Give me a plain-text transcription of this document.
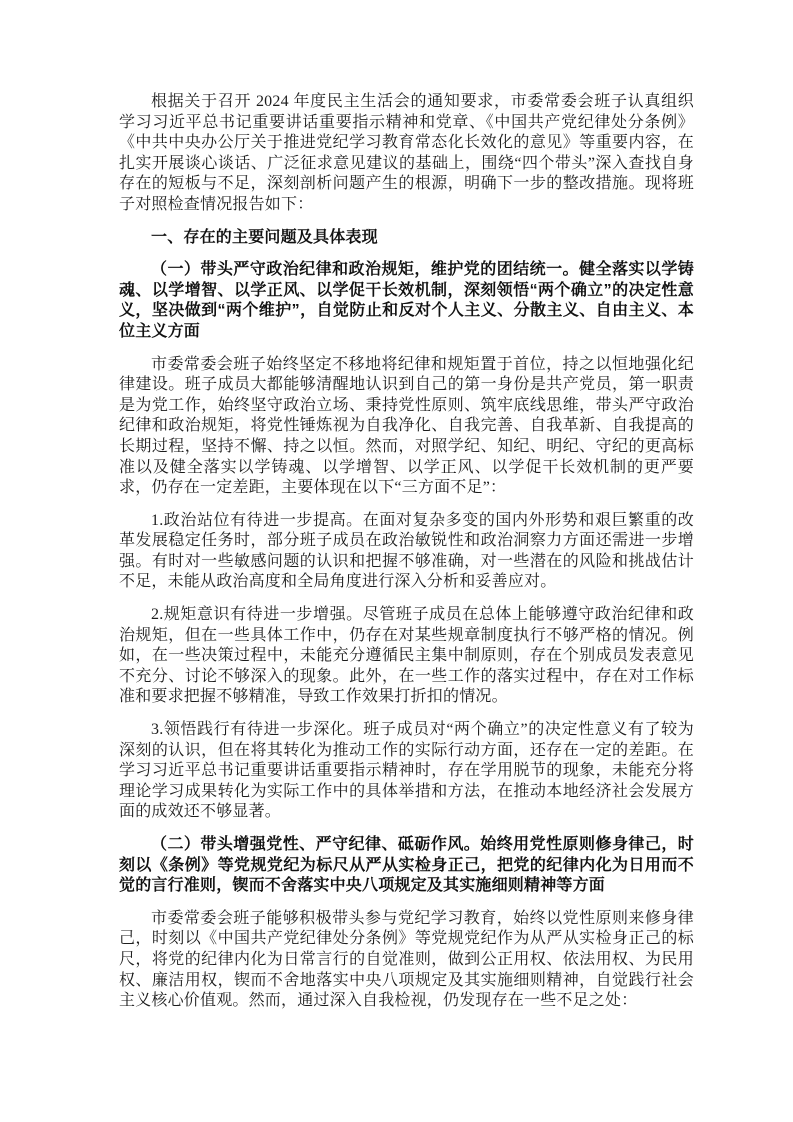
根据关于召开 2024 年度民主生活会的通知要求，市委常委会班子认真组织学习习近平总书记重要讲话重要指示精神和党章、《中国共产党纪律处分条例》《中共中央办公厅关于推进党纪学习教育常态化长效化的意见》等重要内容，在扎实开展谈心谈话、广泛征求意见建议的基础上，围绕“四个带头”深入查找自身存在的短板与不足，深刻剖析问题产生的根源，明确下一步的整改措施。现将班子对照检查情况报告如下：

一、存在的主要问题及具体表现

（一）带头严守政治纪律和政治规矩，维护党的团结统一。健全落实以学铸魂、以学增智、以学正风、以学促干长效机制，深刻领悟“两个确立”的决定性意义，坚决做到“两个维护”，自觉防止和反对个人主义、分散主义、自由主义、本位主义方面

市委常委会班子始终坚定不移地将纪律和规矩置于首位，持之以恒地强化纪律建设。班子成员大都能够清醒地认识到自己的第一身份是共产党员，第一职责是为党工作，始终坚守政治立场、秉持党性原则、筑牢底线思维，带头严守政治纪律和政治规矩，将党性锤炼视为自我净化、自我完善、自我革新、自我提高的长期过程，坚持不懈、持之以恒。然而，对照学纪、知纪、明纪、守纪的更高标准以及健全落实以学铸魂、以学增智、以学正风、以学促干长效机制的更严要求，仍存在一定差距，主要体现在以下“三方面不足”：

1.政治站位有待进一步提高。在面对复杂多变的国内外形势和艰巨繁重的改革发展稳定任务时，部分班子成员在政治敏锐性和政治洞察力方面还需进一步增强。有时对一些敏感问题的认识和把握不够准确，对一些潜在的风险和挑战估计不足，未能从政治高度和全局角度进行深入分析和妥善应对。

2.规矩意识有待进一步增强。尽管班子成员在总体上能够遵守政治纪律和政治规矩，但在一些具体工作中，仍存在对某些规章制度执行不够严格的情况。例如，在一些决策过程中，未能充分遵循民主集中制原则，存在个别成员发表意见不充分、讨论不够深入的现象。此外，在一些工作的落实过程中，存在对工作标准和要求把握不够精准，导致工作效果打折扣的情况。

3.领悟践行有待进一步深化。班子成员对“两个确立”的决定性意义有了较为深刻的认识，但在将其转化为推动工作的实际行动方面，还存在一定的差距。在学习习近平总书记重要讲话重要指示精神时，存在学用脱节的现象，未能充分将理论学习成果转化为实际工作中的具体举措和方法，在推动本地经济社会发展方面的成效还不够显著。

（二）带头增强党性、严守纪律、砥砺作风。始终用党性原则修身律己，时刻以《条例》等党规党纪为标尺从严从实检身正己，把党的纪律内化为日用而不觉的言行准则，锲而不舍落实中央八项规定及其实施细则精神等方面

市委常委会班子能够积极带头参与党纪学习教育，始终以党性原则来修身律己，时刻以《中国共产党纪律处分条例》等党规党纪作为从严从实检身正己的标尺，将党的纪律内化为日常言行的自觉准则，做到公正用权、依法用权、为民用权、廉洁用权，锲而不舍地落实中央八项规定及其实施细则精神，自觉践行社会主义核心价值观。然而，通过深入自我检视，仍发现存在一些不足之处：
